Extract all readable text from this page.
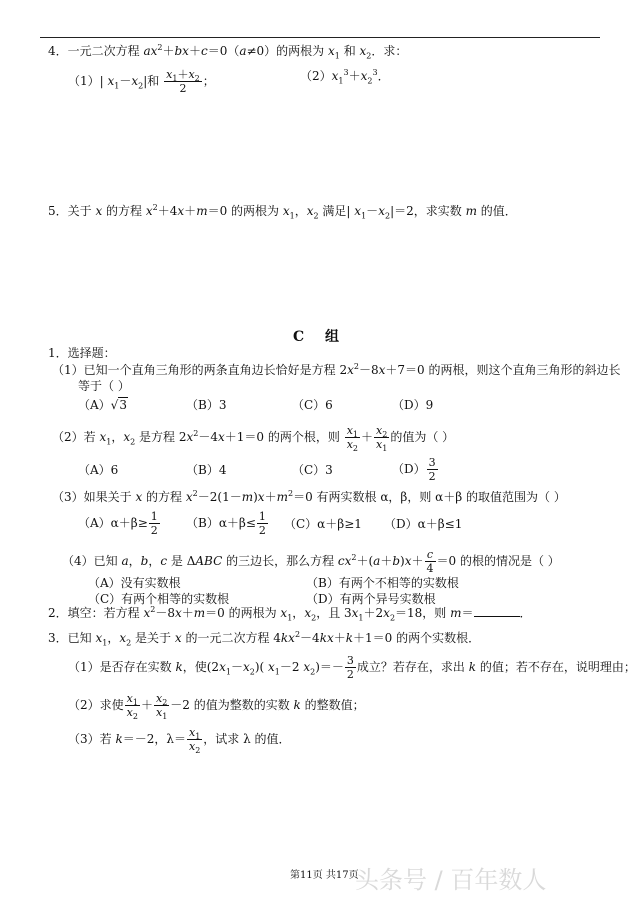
4．一元二次方程 $ax^2+bx+c=0(a\ne 0)$的两根为 $x_1$ 和 $x_2$．求：
（1）| $x_1-x_2|$和 $\frac{x_1+x_2}{2}$ ；	$(2)x_1^3+x_2^3$．
5．关于 x 的方程 $x^2+4x+m=0$ 的两根为 $x_1$，$x_2$ 满足| $x_1-x_2|=2$，求实数 m 的值．
C 组
1．选择题：
（1）已知一个直角三角形的两条直角边长恰好是方程 $2x^2-8x+7=0$ 的两根，则这个直角三角形的斜边长
等于（ ）
（A）√3	（B）3	（C）6	（D）9
（2）若 $x_1$，$x_2$ 是方程 $2x^2-4x+1=0$ 的两个根，则 $\frac{x_1}{x_2} + \frac{x_2}{x_1}$ 的值为（ ）
（A）6	（B）4	（C）3	$(D) \frac{3}{2}$
（3）如果关于 x 的方程 $x^2-2(1-m)x+m^2=0$ 有两实数根 α，β，则 α＋β 的取值范围为（ ）
$(A)\alpha+\beta\ge \frac{1}{2} (B)\alpha+\beta\le \frac{1}{2} (C)\alpha+\beta\ge 1$ （D）α＋β≤1
（4）已知 a，b，c 是 ΔABC 的三边长，那么方程 $cx^2+(a+b)x+ \frac{c}{4} =0$ 的根的情况是（ ）
（A）没有实数根	（B）有两个不相等的实数根
（C）有两个相等的实数根	（D）有两个异号实数根
2．填空：若方程 $x^2-8x+m=0$ 的两根为 $x_1$，$x_2$，且 $3x_1+2x_2=18$，则 m＝	．
3．已知 $x_1$，$x_2$ 是关于 x 的一元二次方程 $4kx^2-4kx+k+1=0$ 的两个实数根．
（1）是否存在实数 k，使$(2x_1-x_2)$( $x_1-2$ $x_2)=- \frac{3}{2}$ 成立？若存在，求出 k 的值；若不存在，说明理由；
（2）求使 $\frac{x_1}{x_2} + \frac{x_2}{x_1} -2$ 的值为整数的实数 k 的整数值；
（3）若 k＝－2，$\lambda= \frac{x_1}{x_2}$ ，试求 λ 的值．
第11页 共17页
头条号 / 百年数人
